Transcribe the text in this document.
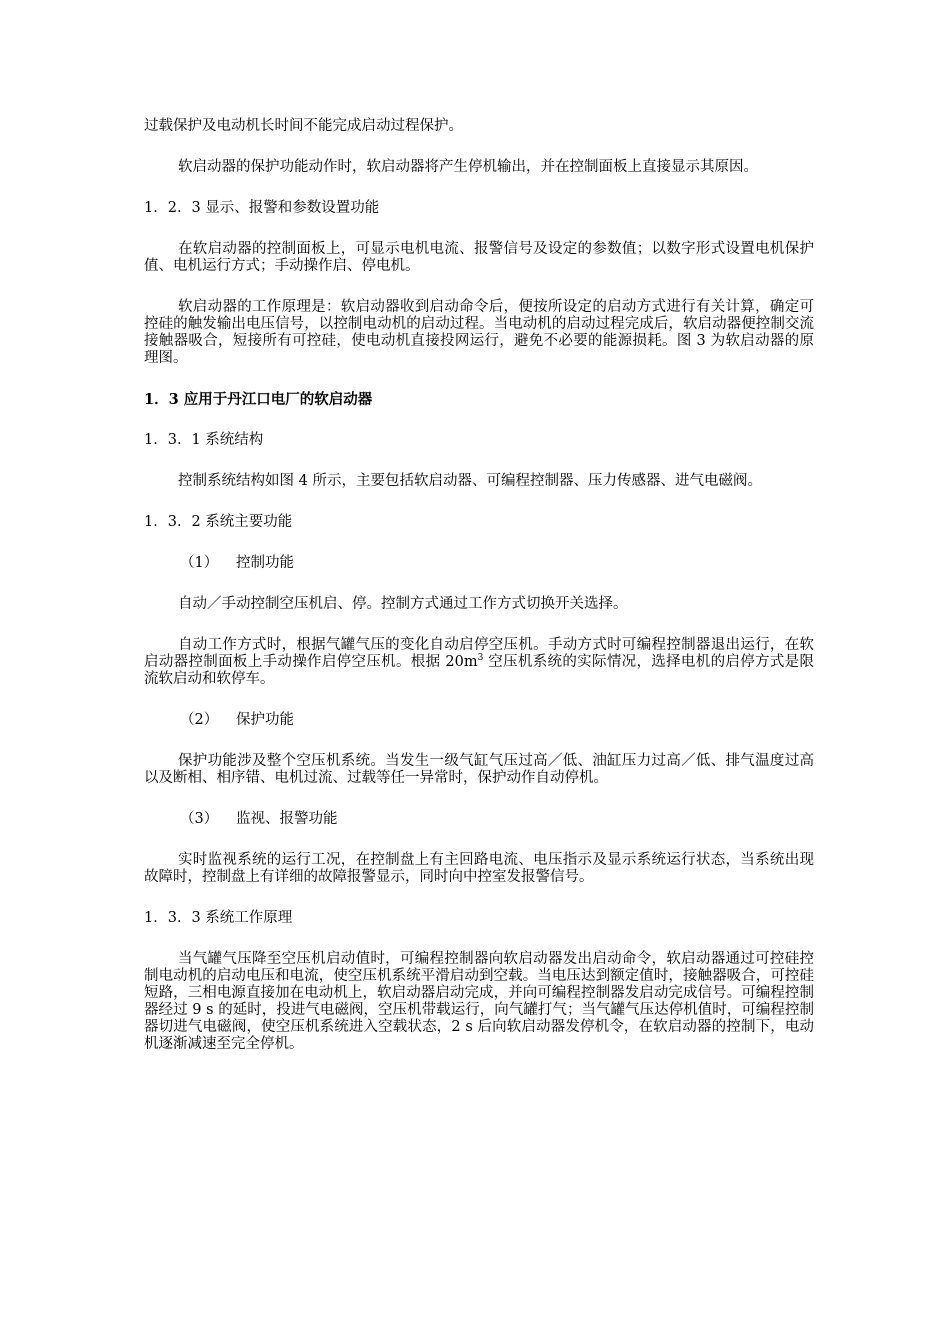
过载保护及电动机长时间不能完成启动过程保护。

软启动器的保护功能动作时，软启动器将产生停机输出，并在控制面板上直接显示其原因。

1．2．3 显示、报警和参数设置功能

在软启动器的控制面板上，可显示电机电流、报警信号及设定的参数值；以数字形式设置电机保护值、电机运行方式；手动操作启、停电机。

软启动器的工作原理是：软启动器收到启动命令后，便按所设定的启动方式进行有关计算，确定可控硅的触发输出电压信号，以控制电动机的启动过程。当电动机的启动过程完成后，软启动器便控制交流接触器吸合，短接所有可控硅，使电动机直接投网运行，避免不必要的能源损耗。图 3 为软启动器的原理图。

1．3 应用于丹江口电厂的软启动器

1．3．1 系统结构

控制系统结构如图 4 所示，主要包括软启动器、可编程控制器、压力传感器、进气电磁阀。

1．3．2 系统主要功能

（1） 控制功能

自动／手动控制空压机启、停。控制方式通过工作方式切换开关选择。

自动工作方式时，根据气罐气压的变化自动启停空压机。手动方式时可编程控制器退出运行，在软启动器控制面板上手动操作启停空压机。根据 $20m^3$ 空压机系统的实际情况，选择电机的启停方式是限流软启动和软停车。

（2） 保护功能

保护功能涉及整个空压机系统。当发生一级气缸气压过高／低、油缸压力过高／低、排气温度过高以及断相、相序错、电机过流、过载等任一异常时，保护动作自动停机。

（3） 监视、报警功能

实时监视系统的运行工况，在控制盘上有主回路电流、电压指示及显示系统运行状态，当系统出现故障时，控制盘上有详细的故障报警显示，同时向中控室发报警信号。

1．3．3 系统工作原理

当气罐气压降至空压机启动值时，可编程控制器向软启动器发出启动命令，软启动器通过可控硅控制电动机的启动电压和电流，使空压机系统平滑启动到空载。当电压达到额定值时，接触器吸合，可控硅短路，三相电源直接加在电动机上，软启动器启动完成，并向可编程控制器发启动完成信号。可编程控制器经过 9 s 的延时，投进气电磁阀，空压机带载运行，向气罐打气；当气罐气压达停机值时，可编程控制器切进气电磁阀，使空压机系统进入空载状态，2 s 后向软启动器发停机令，在软启动器的控制下，电动机逐渐减速至完全停机。
